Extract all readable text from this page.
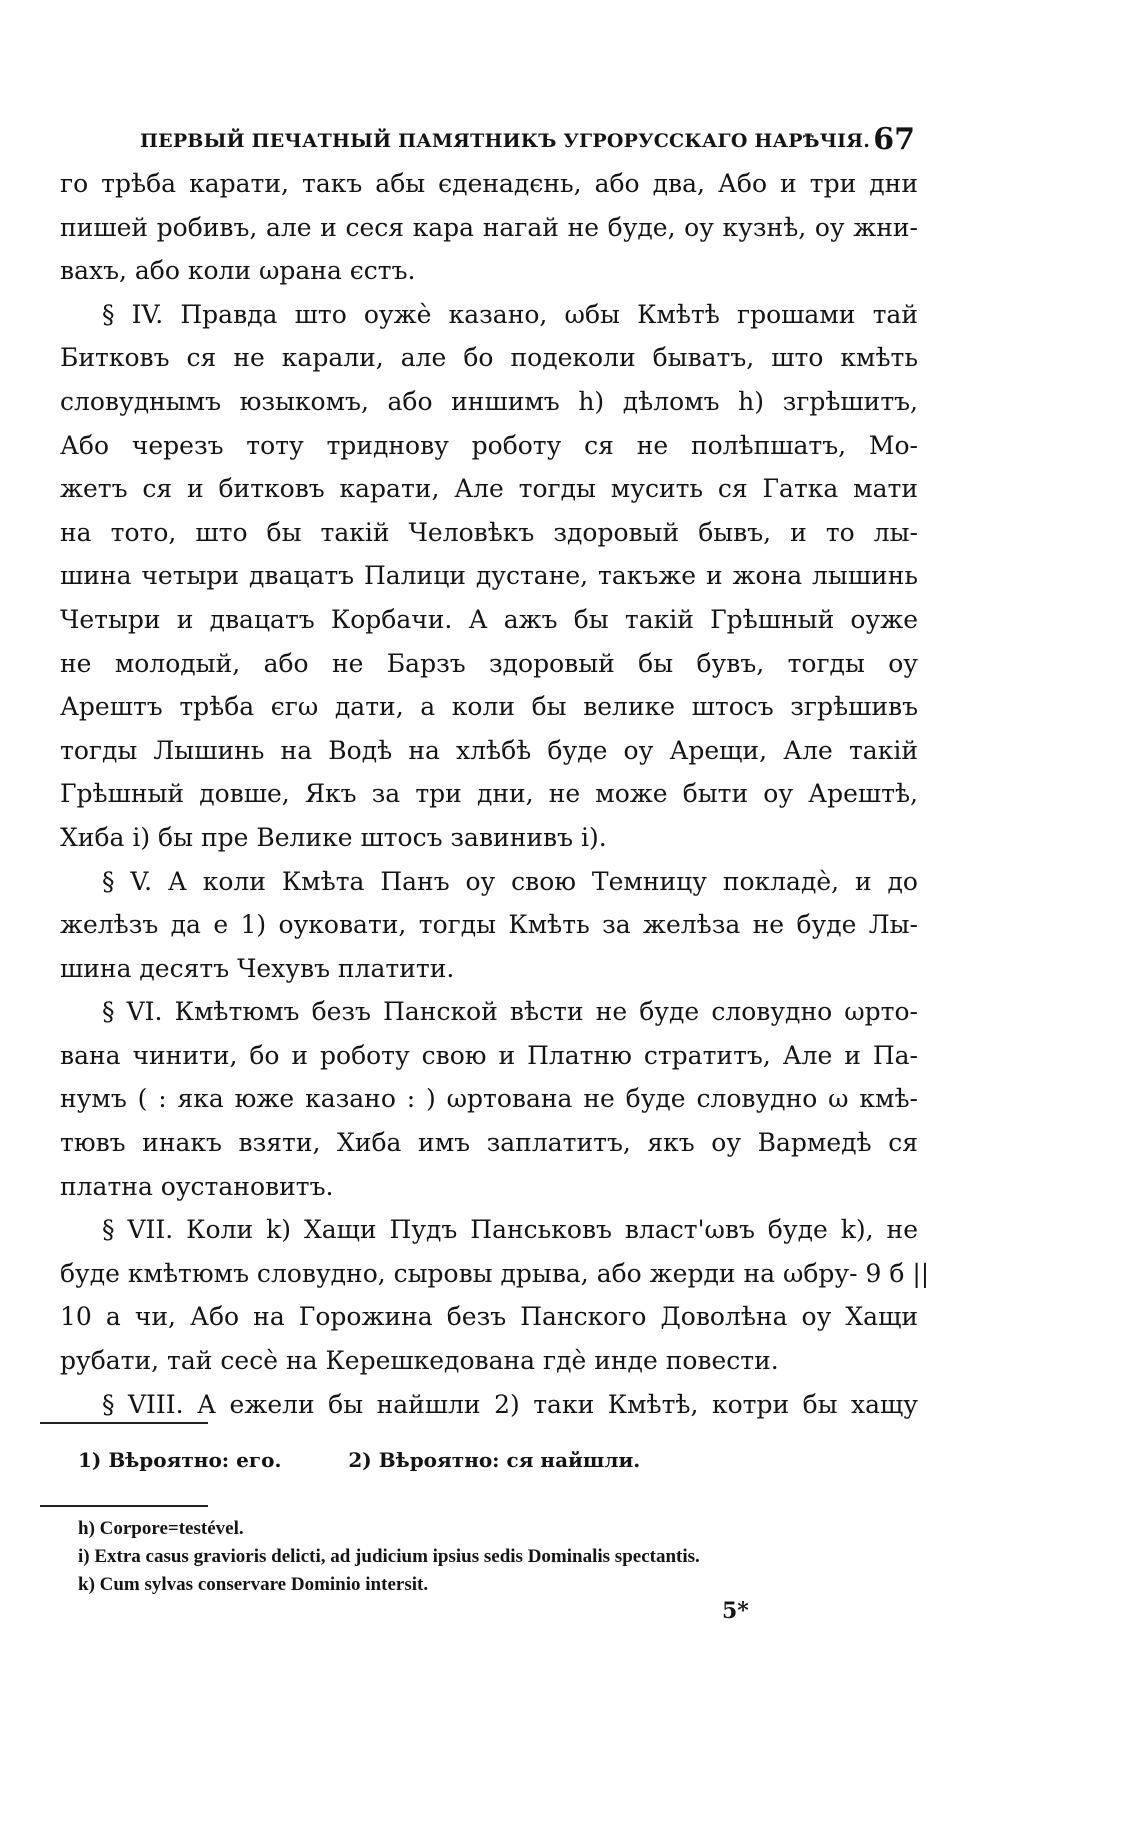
ПЕРВЫЙ ПЕЧАТНЫЙ ПАМЯТНИКЪ УГРОРУССКАГО НАРѢЧІЯ. 67
го трѣба карати, такъ абы єденадєнь, або два, Або и три дни
пишей робивъ, але и сеся кара нагай не буде, оу кузнѣ, оу жни-
вахъ, або коли ωрана єстъ.
§ IV. Правда што оужѐ казано, ωбы Кмѣтѣ грошами тай
Битковъ ся не карали, але бо подеколи быватъ, што кмѣть
словуднымъ юзыкомъ, або иншимъ h) дѣломъ h) згрѣшитъ,
Або черезъ тоту триднову роботу ся не полѣпшатъ, Мо-
жетъ ся и битковъ карати, Але тогды мусить ся Гатка мати
на тото, што бы такій Человѣкъ здоровый бывъ, и то лы-
шина четыри двацатъ Палици дустане, такъже и жона лышинь
Четыри и двацатъ Корбачи. А ажъ бы такій Грѣшный оуже
не молодый, або не Барзъ здоровый бы бувъ, тогды оу
Арештъ трѣба єгω дати, а коли бы велике штосъ згрѣшивъ
тогды Лышинь на Водѣ на хлѣбѣ буде оу Арещи, Але такій
Грѣшный довше, Якъ за три дни, не може быти оу Арештѣ,
Хиба i) бы пре Велике штосъ завинивъ i).
§ V. А коли Кмѣта Панъ оу свою Темницу покладѐ, и до
желѣзъ да е 1) оуковати, тогды Кмѣть за желѣза не буде Лы-
шина десятъ Чехувъ платити.
§ VI. Кмѣтюмъ безъ Панской вѣсти не буде словудно ωрто-
вана чинити, бо и роботу свою и Платню стратитъ, Але и Па-
нумъ ( : яка юже казано : ) ωртована не буде словудно ω кмѣ-
тювъ инакъ взяти, Хиба имъ заплатитъ, якъ оу Вармедѣ ся
платна оуcтановитъ.
§ VII. Коли k) Хащи Пудъ Панськовъ власт'ωвъ буде k), не
буде кмѣтюмъ словудно, сыровы дрыва, або жерди на ωбру- 9 б ||
10 а чи, Або на Горожина безъ Панского Доволѣна оу Хащи
рубати, тай сесѐ на Керешкедована гдѐ инде повести.
§ VIII. А ежели бы найшли 2) таки Кмѣтѣ, котри бы хащу
1) Вѣроятно: его.	2) Вѣроятно: ся найшли.
h) Corpore=testével.
i) Extra casus gravioris delicti, ad judicium ipsius sedis Dominalis spectantis.
k) Cum sylvas conservare Dominio intersit.
5*
